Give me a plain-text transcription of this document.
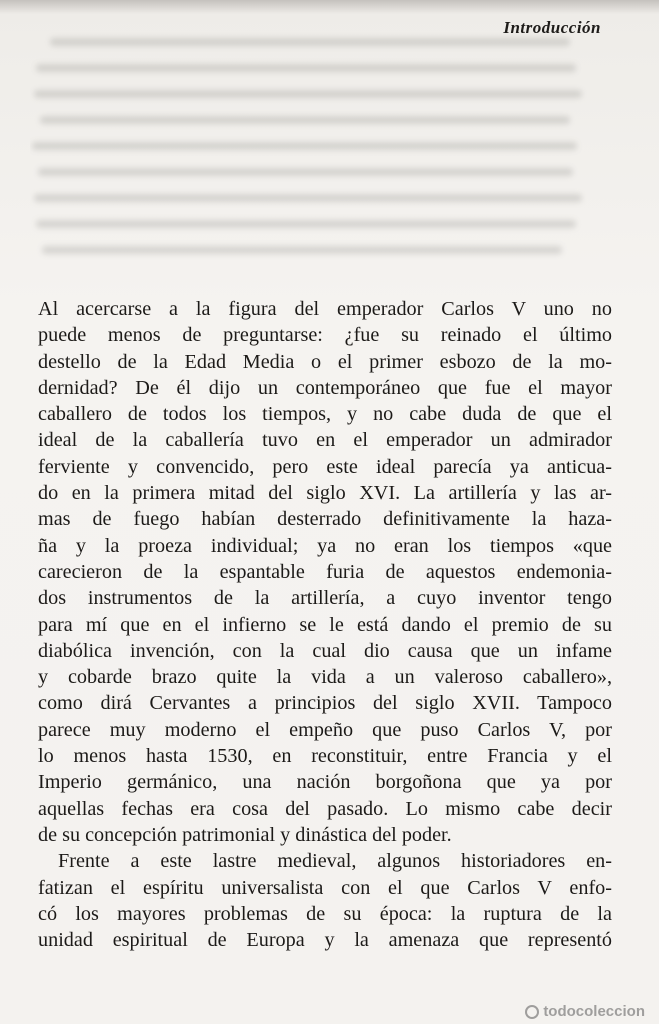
Introducción
Al acercarse a la figura del emperador Carlos V uno no
puede menos de preguntarse: ¿fue su reinado el último
destello de la Edad Media o el primer esbozo de la mo-
dernidad? De él dijo un contemporáneo que fue el mayor
caballero de todos los tiempos, y no cabe duda de que el
ideal de la caballería tuvo en el emperador un admirador
ferviente y convencido, pero este ideal parecía ya anticua-
do en la primera mitad del siglo XVI. La artillería y las ar-
mas de fuego habían desterrado definitivamente la haza-
ña y la proeza individual; ya no eran los tiempos «que
carecieron de la espantable furia de aquestos endemonia-
dos instrumentos de la artillería, a cuyo inventor tengo
para mí que en el infierno se le está dando el premio de su
diabólica invención, con la cual dio causa que un infame
y cobarde brazo quite la vida a un valeroso caballero»,
como dirá Cervantes a principios del siglo XVII. Tampoco
parece muy moderno el empeño que puso Carlos V, por
lo menos hasta 1530, en reconstituir, entre Francia y el
Imperio germánico, una nación borgoñona que ya por
aquellas fechas era cosa del pasado. Lo mismo cabe decir
de su concepción patrimonial y dinástica del poder.
Frente a este lastre medieval, algunos historiadores en-
fatizan el espíritu universalista con el que Carlos V enfo-
có los mayores problemas de su época: la ruptura de la
unidad espiritual de Europa y la amenaza que representó
todocoleccion
